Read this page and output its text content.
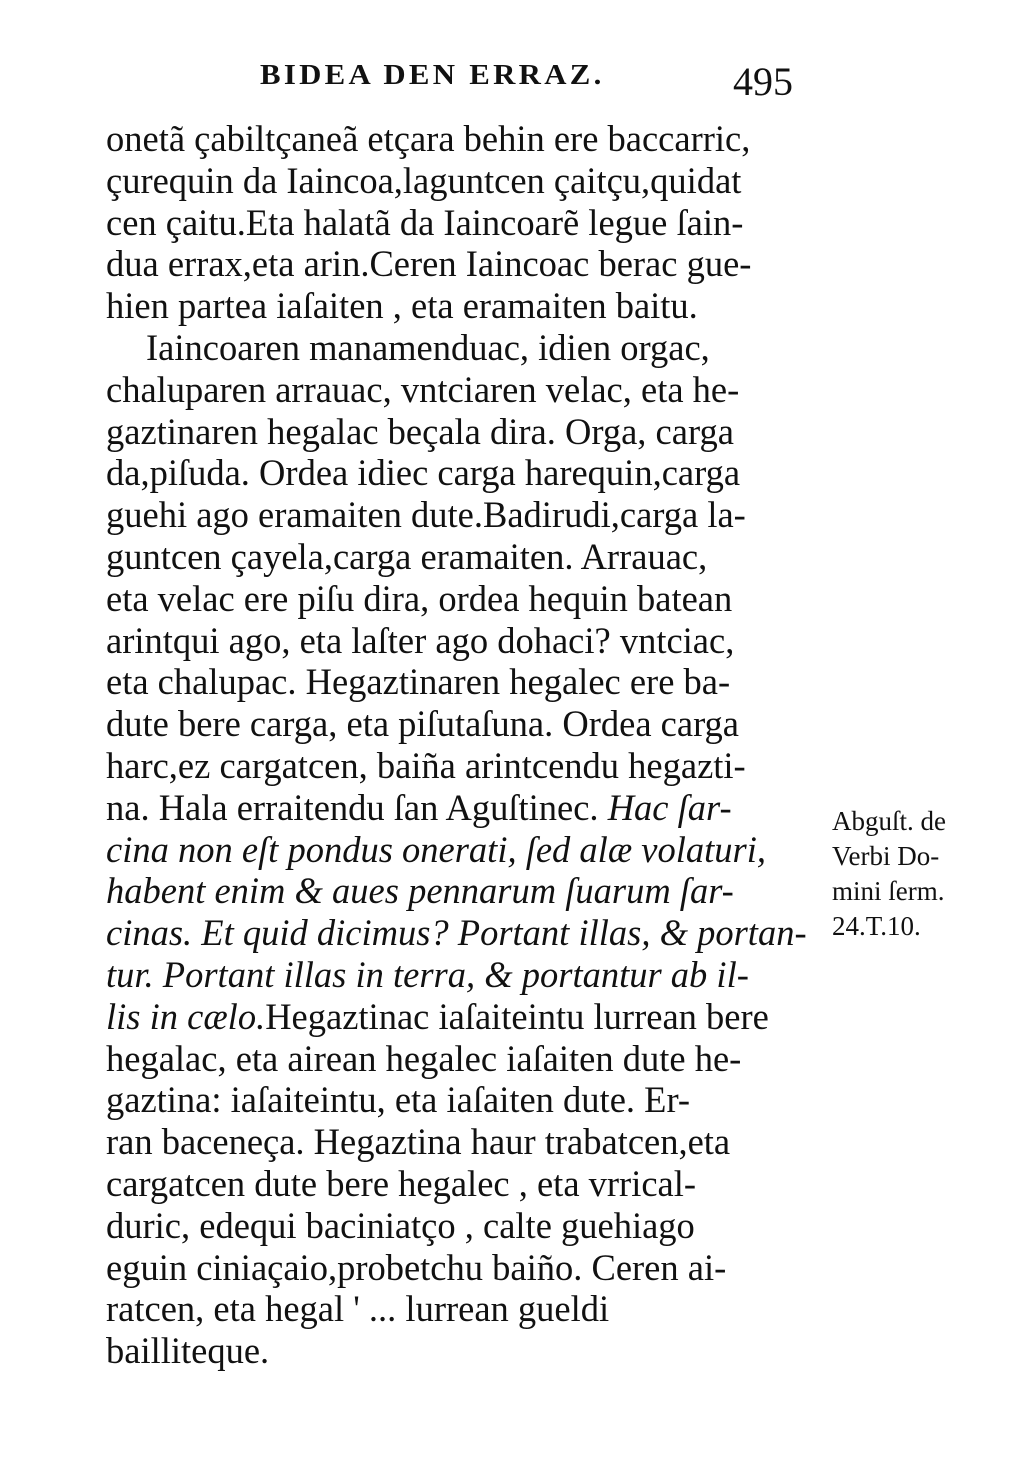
BIDEA DEN ERRAZ.	495
onetã çabiltçaneã etçara behin ere baccarric,
çurequin da Iaincoa,laguntcen çaitçu,quidat
cen çaitu.Eta halatã da Iaincoarẽ legue ſain-
dua errax,eta arin.Ceren Iaincoac berac gue-
hien partea iaſaiten , eta eramaiten baitu.
Iaincoaren manamenduac, idien orgac,
chaluparen arrauac, vntciaren velac, eta he-
gaztinaren hegalac beçala dira. Orga, carga
da,piſuda. Ordea idiec carga harequin,carga
guehi ago eramaiten dute.Badirudi,carga la-
guntcen çayela,carga eramaiten. Arrauac,
eta velac ere piſu dira, ordea hequin batean
arintqui ago, eta laſter ago dohaci? vntciac,
eta chalupac. Hegaztinaren hegalec ere ba-
dute bere carga, eta piſutaſuna. Ordea carga
harc,ez cargatcen, baiña arintcendu hegazti-
na. Hala erraitendu ſan Aguſtinec. Hac ſar-
cina non eſt pondus onerati, ſed alæ volaturi,
habent enim & aues pennarum ſuarum ſar-
cinas. Et quid dicimus? Portant illas, & portan-
tur. Portant illas in terra, & portantur ab il-
lis in cælo.Hegaztinac iaſaiteintu lurrean bere
hegalac, eta airean hegalec iaſaiten dute he-
gaztina: iaſaiteintu, eta iaſaiten dute. Er-
ran baceneça. Hegaztina haur trabatcen,eta
cargatcen dute bere hegalec , eta vrrical-
duric, edequi baciniatço , calte guehiago
eguin ciniaçaio,probetchu baiño. Ceren ai-
ratcen, eta hegal ' ... lurrean gueldi
bailliteque.
Abguſt. de
Verbi Do-
mini ſerm.
24.T.10.
